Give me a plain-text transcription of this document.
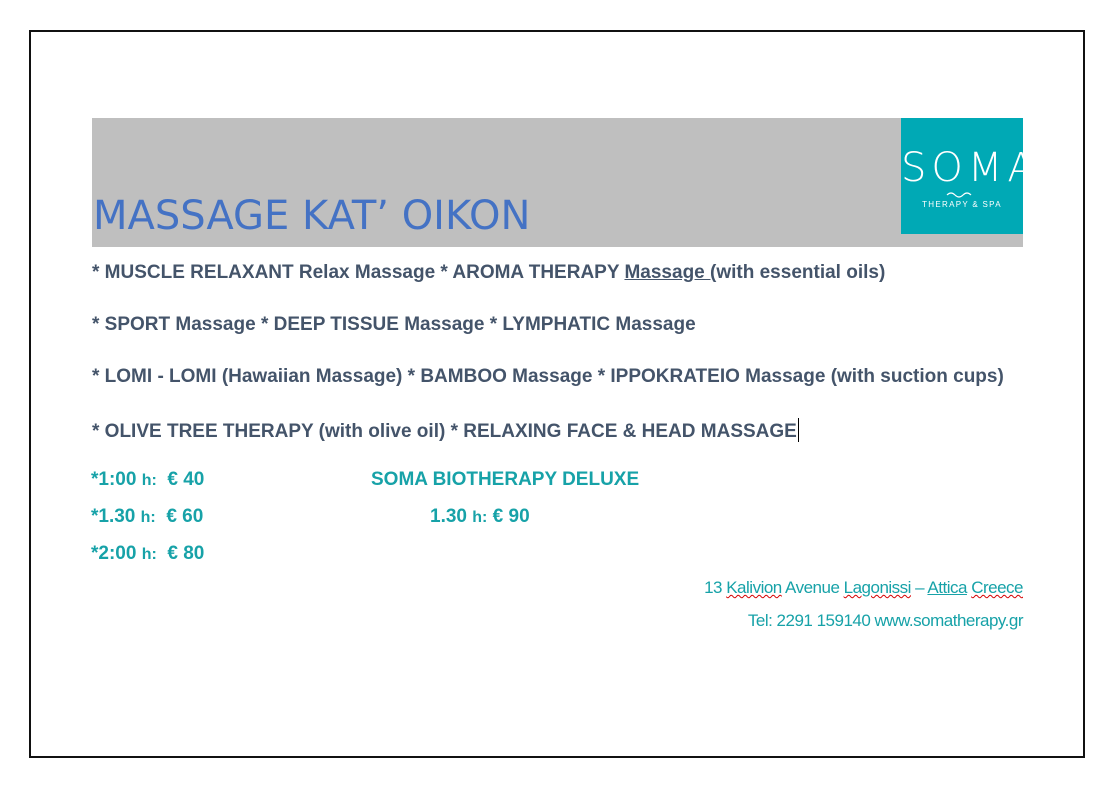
MASSAGE KAT’ OIKON
SOMA
THERAPY & SPA
* MUSCLE RELAXANT Relax Massage * AROMA THERAPY Massage (with essential oils)
* SPORT Massage * DEEP TISSUE Massage * LYMPHATIC Massage
* LOMI - LOMI (Hawaiian Massage) * BAMBOO Massage * IPPOKRATEIO Massage (with suction cups)
* OLIVE TREE THERAPY (with olive oil) * RELAXING FACE & HEAD MASSAGE
*1:00 h: € 40
*1.30 h: € 60
*2:00 h: € 80
SOMA BIOTHERAPY DELUXE
1.30 h: € 90
13 Kalivion Avenue Lagonissi – Attica Creece
Tel: 2291 159140 www.somatherapy.gr
